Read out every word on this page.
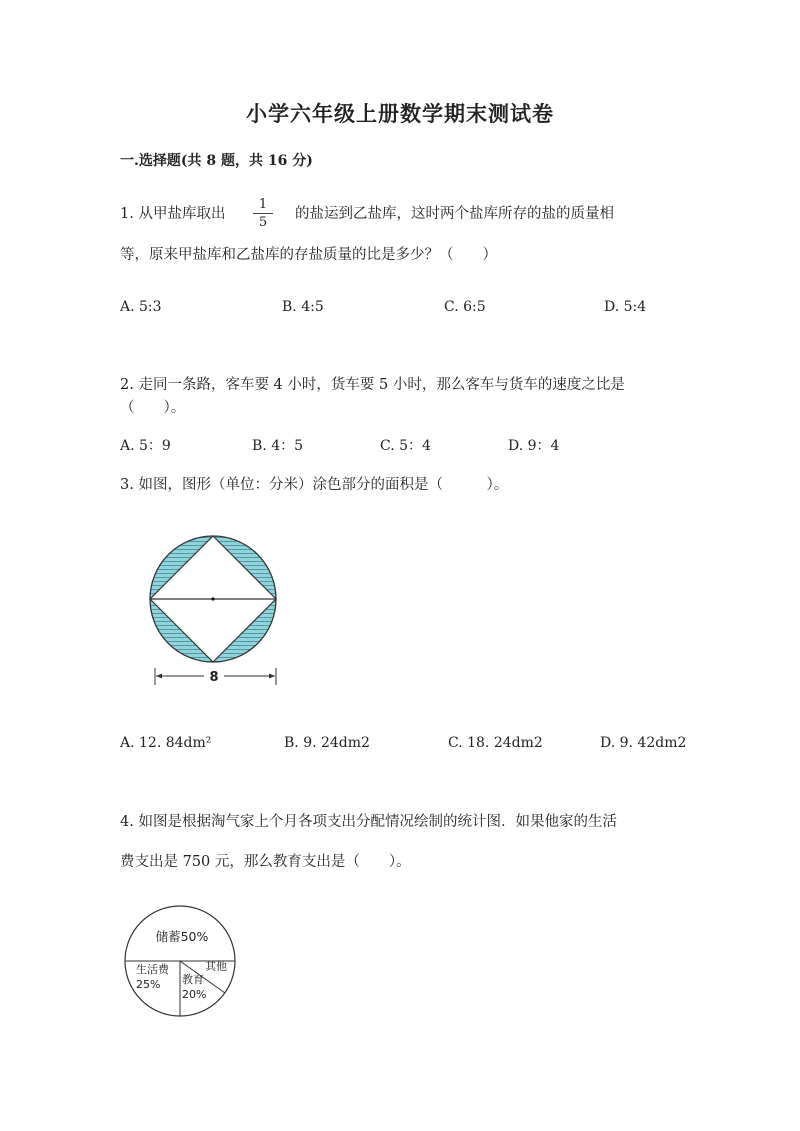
小学六年级上册数学期末测试卷
一.选择题(共 8 题，共 16 分)
1. 从甲盐库取出 $\frac{1}{5}$ 的盐运到乙盐库，这时两个盐库所存的盐的质量相
等，原来甲盐库和乙盐库的存盐质量的比是多少？（　　）
A. 5:3	B. 4:5	C. 6:5	D. 5:4
2. 走同一条路，客车要 4 小时，货车要 5 小时，那么客车与货车的速度之比是
（　　）。
A. 5：9	B. 4：5	C. 5：4	D. 9：4
3. 如图，图形（单位：分米）涂色部分的面积是（　　　）。
8
A. 12. 84dm²	B. 9. 24dm2	C. 18. 24dm2	D. 9. 42dm2
4. 如图是根据淘气家上个月各项支出分配情况绘制的统计图．如果他家的生活
费支出是 750 元，那么教育支出是（　　）。
储蓄50%
生活费
25% 教育
20%
其他
